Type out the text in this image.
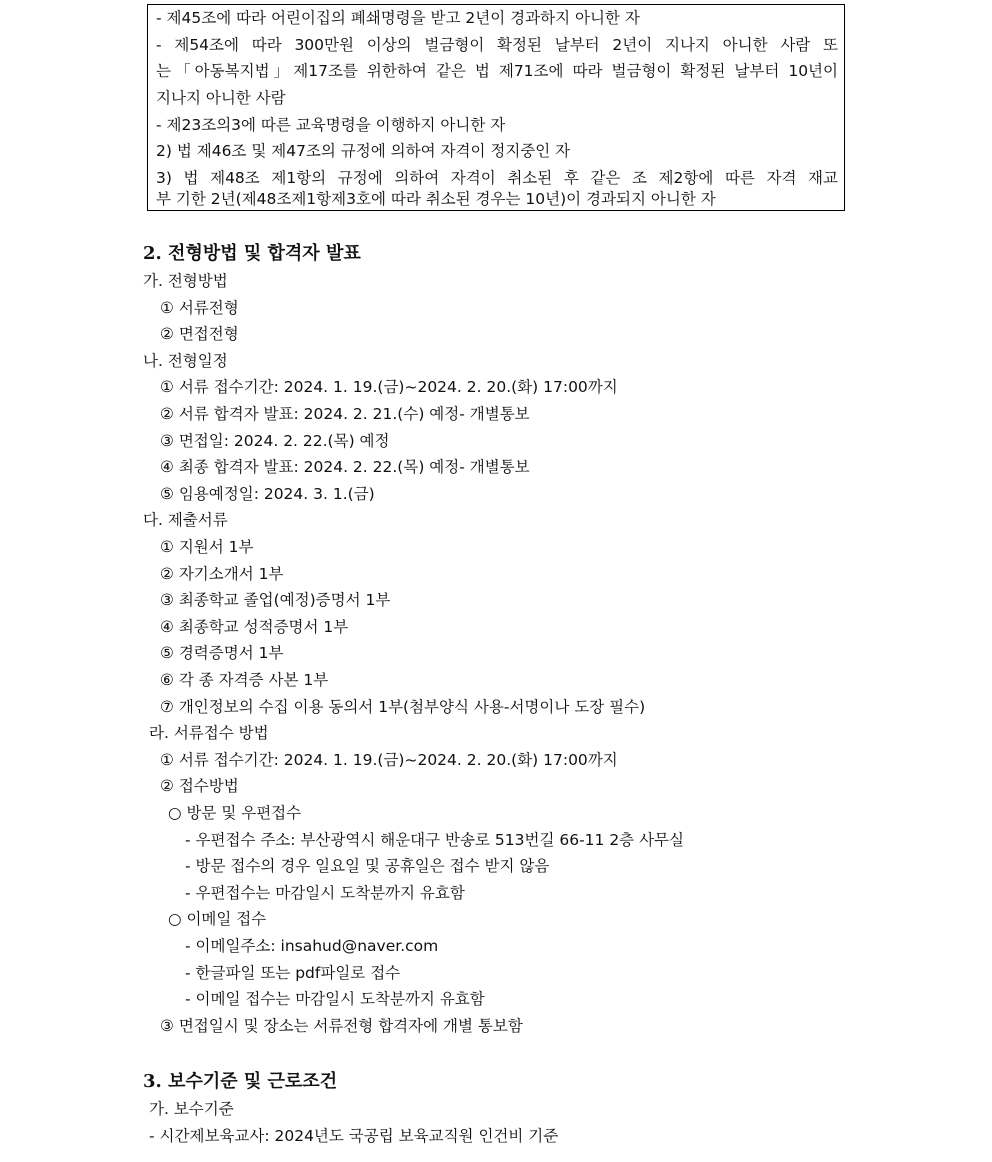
- 제45조에 따라 어린이집의 폐쇄명령을 받고 2년이 경과하지 아니한 자
- 제54조에 따라 300만원 이상의 벌금형이 확정된 날부터 2년이 지나지 아니한 사람 또
는「아동복지법」제17조를 위한하여 같은 법 제71조에 따라 벌금형이 확정된 날부터 10년이
지나지 아니한 사람
- 제23조의3에 따른 교육명령을 이행하지 아니한 자
2) 법 제46조 및 제47조의 규정에 의하여 자격이 정지중인 자
3) 법 제48조 제1항의 규정에 의하여 자격이 취소된 후 같은 조 제2항에 따른 자격 재교
부 기한 2년(제48조제1항제3호에 따라 취소된 경우는 10년)이 경과되지 아니한 자
2. 전형방법 및 합격자 발표
가. 전형방법
① 서류전형
② 면접전형
나. 전형일정
① 서류 접수기간: 2024. 1. 19.(금)~2024. 2. 20.(화) 17:00까지
② 서류 합격자 발표: 2024. 2. 21.(수) 예정- 개별통보
③ 면접일: 2024. 2. 22.(목) 예정
④ 최종 합격자 발표: 2024. 2. 22.(목) 예정- 개별통보
⑤ 임용예정일: 2024. 3. 1.(금)
다. 제출서류
① 지원서 1부
② 자기소개서 1부
③ 최종학교 졸업(예정)증명서 1부
④ 최종학교 성적증명서 1부
⑤ 경력증명서 1부
⑥ 각 종 자격증 사본 1부
⑦ 개인정보의 수집 이용 동의서 1부(첨부양식 사용-서명이나 도장 필수)
라. 서류접수 방법
① 서류 접수기간: 2024. 1. 19.(금)~2024. 2. 20.(화) 17:00까지
② 접수방법
○ 방문 및 우편접수
- 우편접수 주소: 부산광역시 해운대구 반송로 513번길 66-11 2층 사무실
- 방문 접수의 경우 일요일 및 공휴일은 접수 받지 않음
- 우편접수는 마감일시 도착분까지 유효함
○ 이메일 접수
- 이메일주소: insahud@naver.com
- 한글파일 또는 pdf파일로 접수
- 이메일 접수는 마감일시 도착분까지 유효함
③ 면접일시 및 장소는 서류전형 합격자에 개별 통보함
3. 보수기준 및 근로조건
가. 보수기준
- 시간제보육교사: 2024년도 국공립 보육교직원 인건비 기준
